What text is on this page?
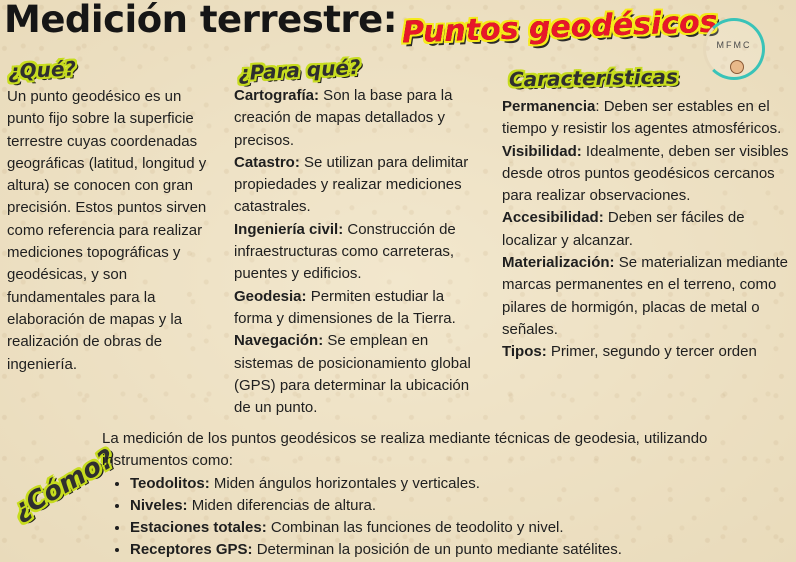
Medición terrestre: Puntos geodésicos
MFMC
¿Qué?	¿Para qué?	Características
¿Cómo?

Un punto geodésico es un punto fijo sobre la superficie terrestre cuyas coordenadas geográficas (latitud, longitud y altura) se conocen con gran precisión. Estos puntos sirven como referencia para realizar mediciones topográficas y geodésicas, y son fundamentales para la elaboración de mapas y la realización de obras de ingeniería.

Cartografía: Son la base para la creación de mapas detallados y precisos.

Catastro: Se utilizan para delimitar propiedades y realizar mediciones catastrales.

Ingeniería civil: Construcción de infraestructuras como carreteras, puentes y edificios.

Geodesia: Permiten estudiar la forma y dimensiones de la Tierra.

Navegación: Se emplean en sistemas de posicionamiento global (GPS) para determinar la ubicación de un punto.

Permanencia: Deben ser estables en el tiempo y resistir los agentes atmosféricos.

Visibilidad: Idealmente, deben ser visibles desde otros puntos geodésicos cercanos para realizar observaciones.

Accesibilidad: Deben ser fáciles de localizar y alcanzar.

Materialización: Se materializan mediante marcas permanentes en el terreno, como pilares de hormigón, placas de metal o señales.

Tipos: Primer, segundo y tercer orden

La medición de los puntos geodésicos se realiza mediante técnicas de geodesia, utilizando instrumentos como:

• Teodolitos: Miden ángulos horizontales y verticales.
• Niveles: Miden diferencias de altura.
• Estaciones totales: Combinan las funciones de teodolito y nivel.
• Receptores GPS: Determinan la posición de un punto mediante satélites.
